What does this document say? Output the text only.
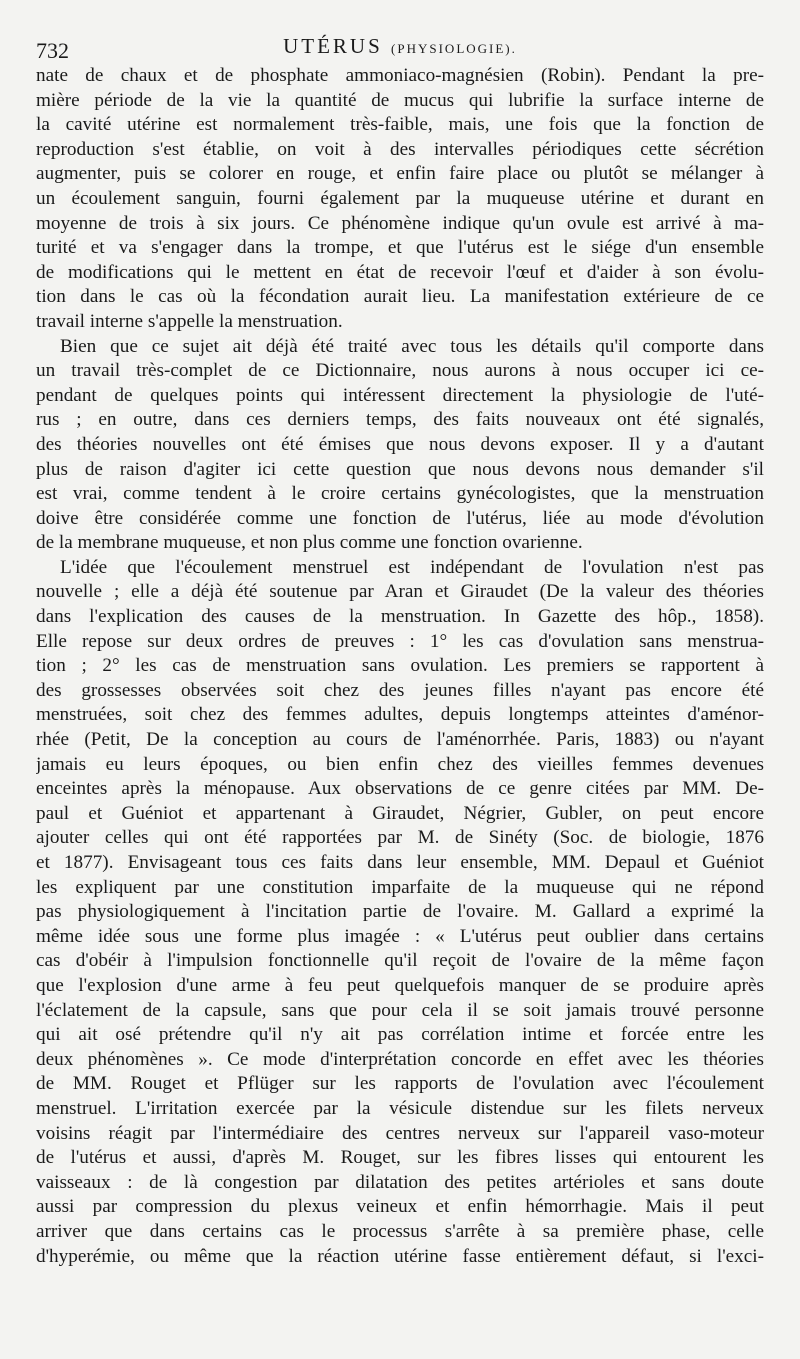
732	UTÉRUS (PHYSIOLOGIE).
nate de chaux et de phosphate ammoniaco-magnésien (Robin). Pendant la pre-
mière période de la vie la quantité de mucus qui lubrifie la surface interne de
la cavité utérine est normalement très-faible, mais, une fois que la fonction de
reproduction s'est établie, on voit à des intervalles périodiques cette sécrétion
augmenter, puis se colorer en rouge, et enfin faire place ou plutôt se mélanger à
un écoulement sanguin, fourni également par la muqueuse utérine et durant en
moyenne de trois à six jours. Ce phénomène indique qu'un ovule est arrivé à ma-
turité et va s'engager dans la trompe, et que l'utérus est le siége d'un ensemble
de modifications qui le mettent en état de recevoir l'œuf et d'aider à son évolu-
tion dans le cas où la fécondation aurait lieu. La manifestation extérieure de ce
travail interne s'appelle la menstruation.
Bien que ce sujet ait déjà été traité avec tous les détails qu'il comporte dans
un travail très-complet de ce Dictionnaire, nous aurons à nous occuper ici ce-
pendant de quelques points qui intéressent directement la physiologie de l'uté-
rus ; en outre, dans ces derniers temps, des faits nouveaux ont été signalés,
des théories nouvelles ont été émises que nous devons exposer. Il y a d'autant
plus de raison d'agiter ici cette question que nous devons nous demander s'il
est vrai, comme tendent à le croire certains gynécologistes, que la menstruation
doive être considérée comme une fonction de l'utérus, liée au mode d'évolution
de la membrane muqueuse, et non plus comme une fonction ovarienne.
L'idée que l'écoulement menstruel est indépendant de l'ovulation n'est pas
nouvelle ; elle a déjà été soutenue par Aran et Giraudet (De la valeur des théories
dans l'explication des causes de la menstruation. In Gazette des hôp., 1858).
Elle repose sur deux ordres de preuves : 1° les cas d'ovulation sans menstrua-
tion ; 2° les cas de menstruation sans ovulation. Les premiers se rapportent à
des grossesses observées soit chez des jeunes filles n'ayant pas encore été
menstruées, soit chez des femmes adultes, depuis longtemps atteintes d'aménor-
rhée (Petit, De la conception au cours de l'aménorrhée. Paris, 1883) ou n'ayant
jamais eu leurs époques, ou bien enfin chez des vieilles femmes devenues
enceintes après la ménopause. Aux observations de ce genre citées par MM. De-
paul et Guéniot et appartenant à Giraudet, Négrier, Gubler, on peut encore
ajouter celles qui ont été rapportées par M. de Sinéty (Soc. de biologie, 1876
et 1877). Envisageant tous ces faits dans leur ensemble, MM. Depaul et Guéniot
les expliquent par une constitution imparfaite de la muqueuse qui ne répond
pas physiologiquement à l'incitation partie de l'ovaire. M. Gallard a exprimé la
même idée sous une forme plus imagée : « L'utérus peut oublier dans certains
cas d'obéir à l'impulsion fonctionnelle qu'il reçoit de l'ovaire de la même façon
que l'explosion d'une arme à feu peut quelquefois manquer de se produire après
l'éclatement de la capsule, sans que pour cela il se soit jamais trouvé personne
qui ait osé prétendre qu'il n'y ait pas corrélation intime et forcée entre les
deux phénomènes ». Ce mode d'interprétation concorde en effet avec les théories
de MM. Rouget et Pflüger sur les rapports de l'ovulation avec l'écoulement
menstruel. L'irritation exercée par la vésicule distendue sur les filets nerveux
voisins réagit par l'intermédiaire des centres nerveux sur l'appareil vaso-moteur
de l'utérus et aussi, d'après M. Rouget, sur les fibres lisses qui entourent les
vaisseaux : de là congestion par dilatation des petites artérioles et sans doute
aussi par compression du plexus veineux et enfin hémorrhagie. Mais il peut
arriver que dans certains cas le processus s'arrête à sa première phase, celle
d'hyperémie, ou même que la réaction utérine fasse entièrement défaut, si l'exci-
